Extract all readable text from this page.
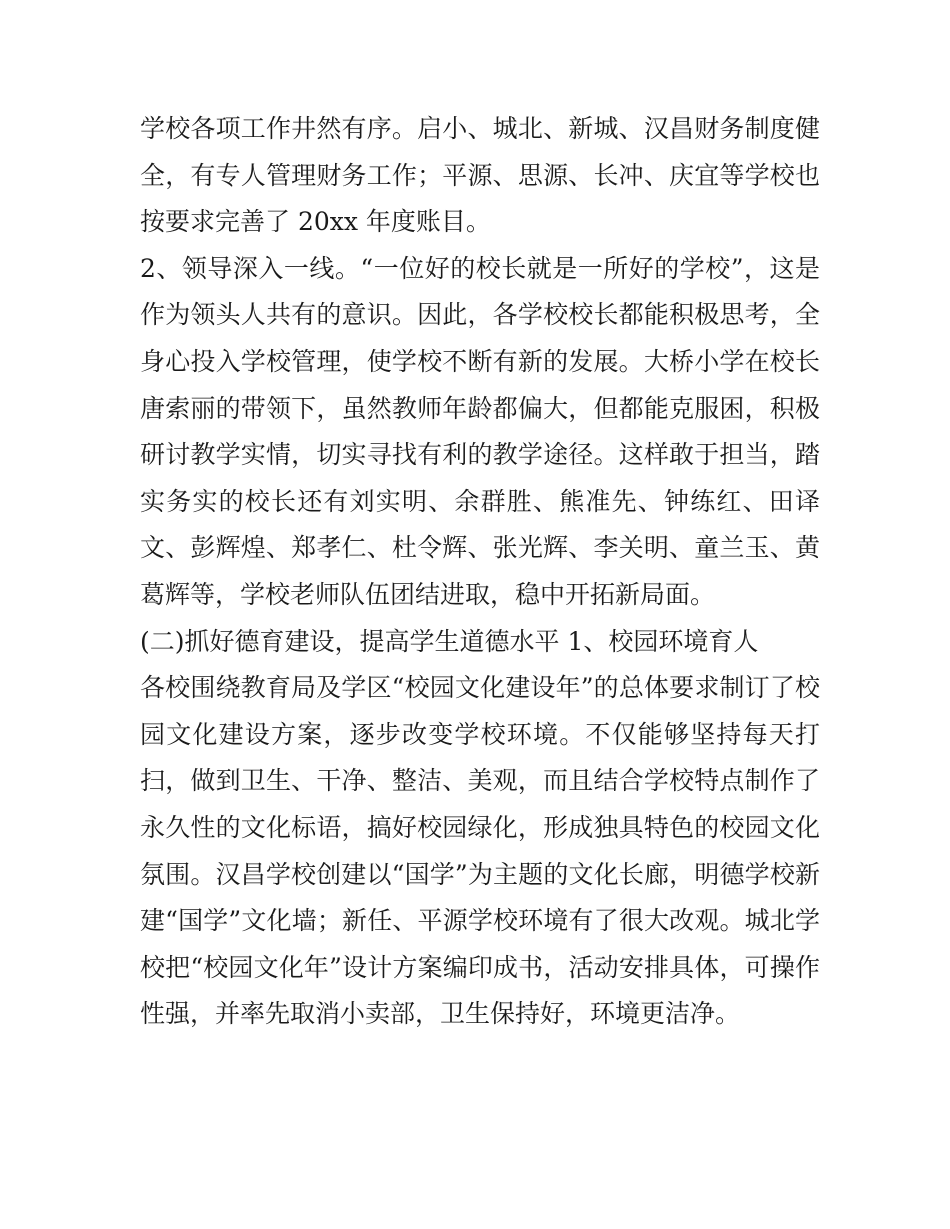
学校各项工作井然有序。启小、城北、新城、汉昌财务制度健
全，有专人管理财务工作；平源、思源、长冲、庆宜等学校也
按要求完善了 20xx 年度账目。
2、领导深入一线。“一位好的校长就是一所好的学校”，这是
作为领头人共有的意识。因此，各学校校长都能积极思考，全
身心投入学校管理，使学校不断有新的发展。大桥小学在校长
唐索丽的带领下，虽然教师年龄都偏大，但都能克服困，积极
研讨教学实情，切实寻找有利的教学途径。这样敢于担当，踏
实务实的校长还有刘实明、余群胜、熊准先、钟练红、田译
文、彭辉煌、郑孝仁、杜令辉、张光辉、李关明、童兰玉、黄
葛辉等，学校老师队伍团结进取，稳中开拓新局面。
(二)抓好德育建设，提高学生道德水平 1、校园环境育人
各校围绕教育局及学区“校园文化建设年”的总体要求制订了校
园文化建设方案，逐步改变学校环境。不仅能够坚持每天打
扫，做到卫生、干净、整洁、美观，而且结合学校特点制作了
永久性的文化标语，搞好校园绿化，形成独具特色的校园文化
氛围。汉昌学校创建以“国学”为主题的文化长廊，明德学校新
建“国学”文化墙；新任、平源学校环境有了很大改观。城北学
校把“校园文化年”设计方案编印成书，活动安排具体，可操作
性强，并率先取消小卖部，卫生保持好，环境更洁净。
